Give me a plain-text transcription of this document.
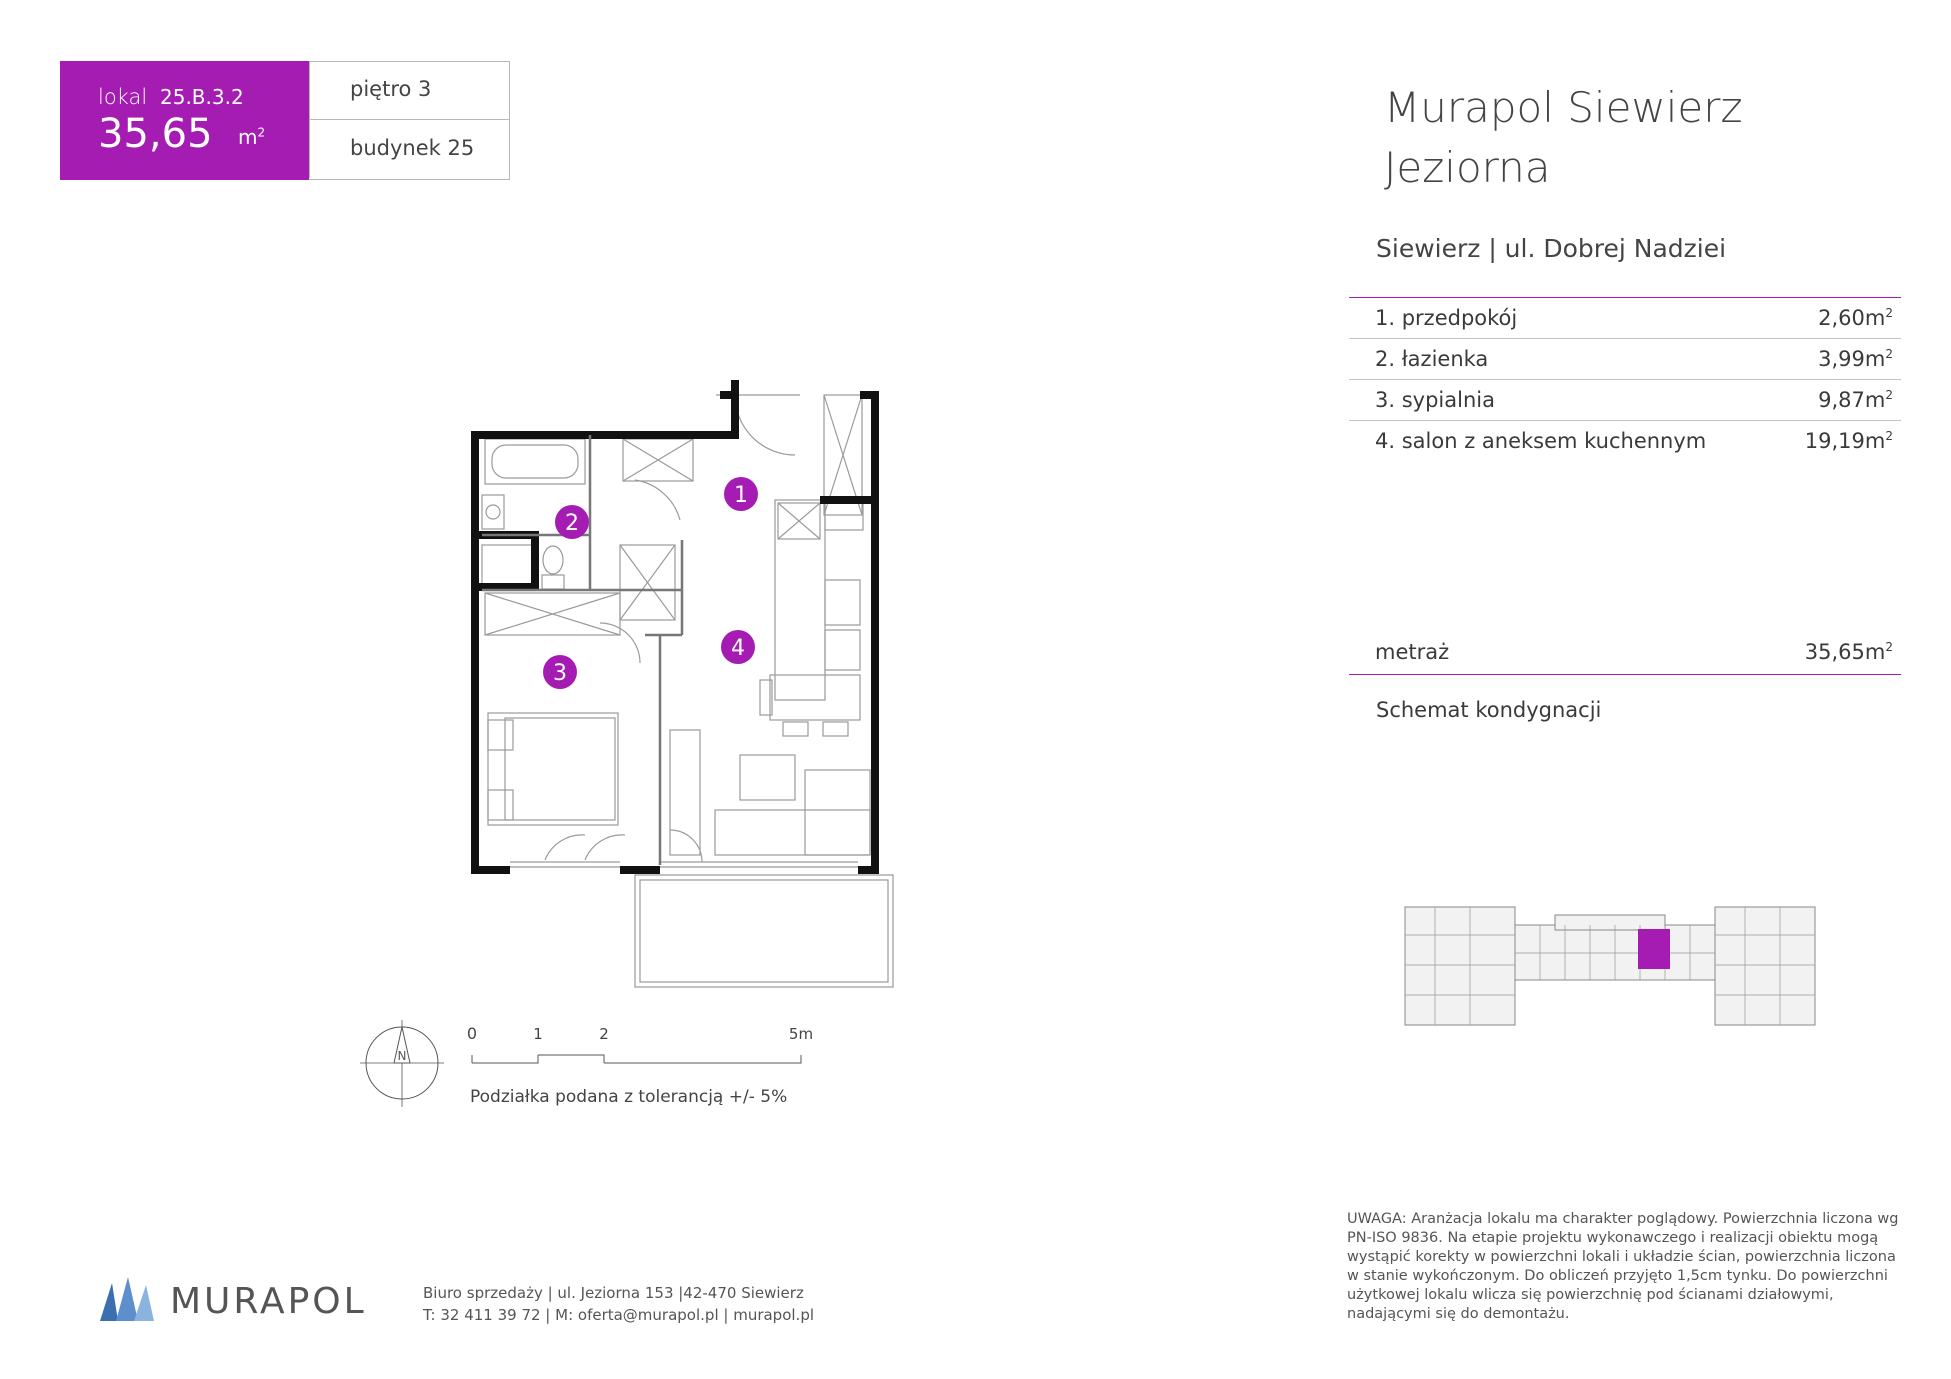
lokal 25.B.3.2
35,65 $m^2$
piętro 3
budynek 25
Murapol Siewierz
Jeziorna
Siewierz | ul. Dobrej Nadziei
1. przedpokój	$2,60m^2$
2. łazienka	$3,99m^2$
3. sypialnia	$9,87m^2$
4. salon z aneksem kuchennym	$19,19m^2$
metraż	$35,65m^2$
Schemat kondygnacji
1
2
3
4
N
0	1	2	5m
Podziałka podana z tolerancją +/- 5%
MURAPOL	Biuro sprzedaży | ul. Jeziorna 153 |42-470 Siewierz
T: 32 411 39 72 | M: oferta@murapol.pl | murapol.pl
UWAGA: Aranżacja lokalu ma charakter poglądowy. Powierzchnia liczona wg PN-ISO 9836. Na etapie projektu wykonawczego i realizacji obiektu mogą wystąpić korekty w powierzchni lokali i układzie ścian, powierzchnia liczona w stanie wykończonym. Do obliczeń przyjęto 1,5cm tynku. Do powierzchni użytkowej lokalu wlicza się powierzchnię pod ścianami działowymi, nadającymi się do demontażu.
